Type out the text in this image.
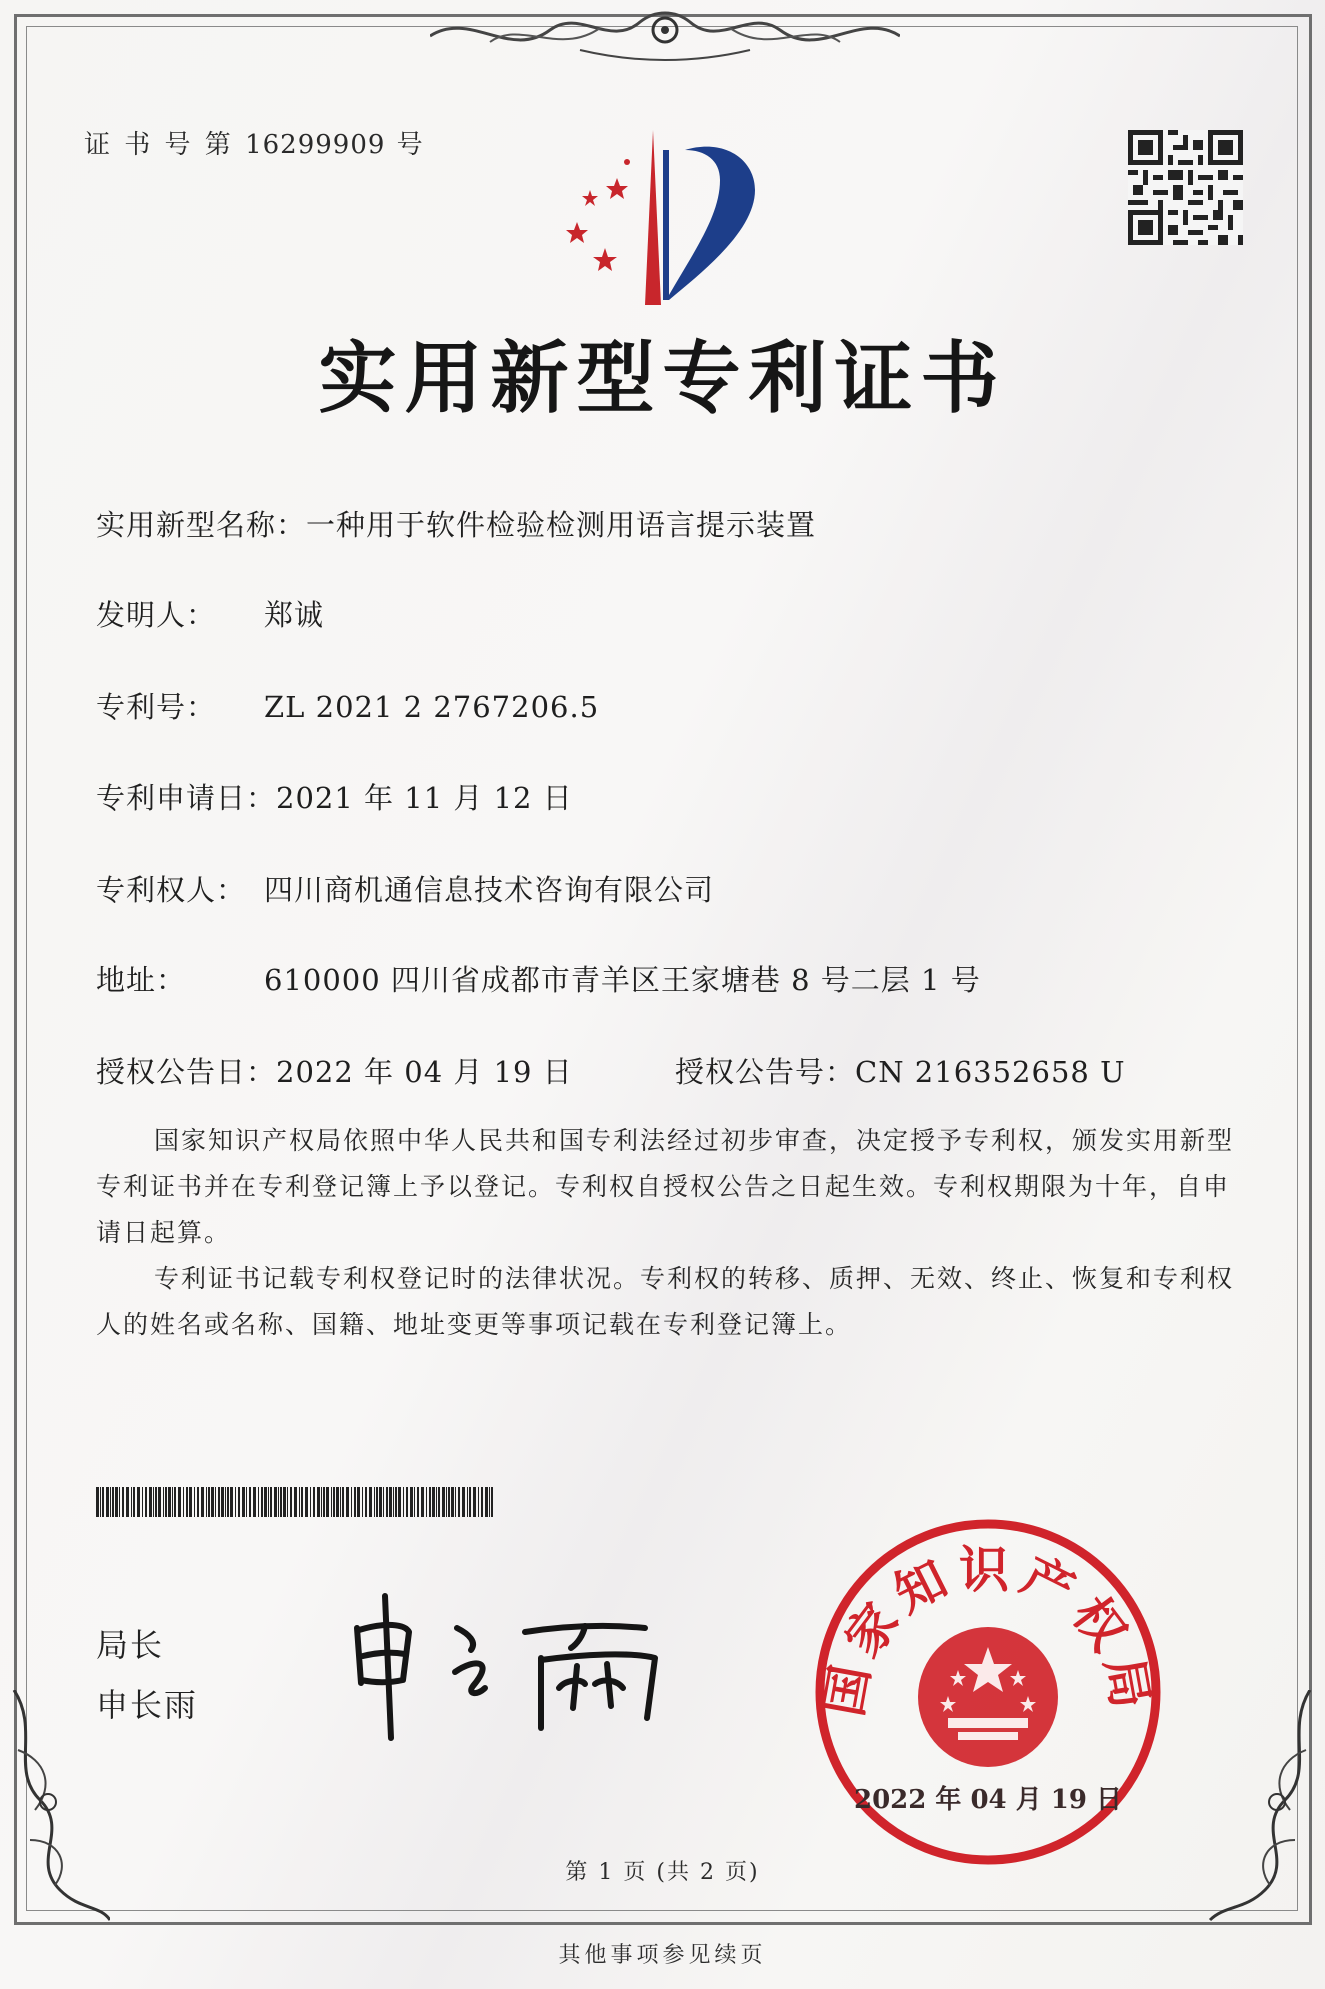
证 书 号 第 16299909 号
实用新型专利证书
实用新型名称：一种用于软件检验检测用语言提示装置
发明人： 郑诚
专利号： ZL 2021 2 2767206.5
专利申请日：2021 年 11 月 12 日
专利权人： 四川商机通信息技术咨询有限公司
地址：	610000 四川省成都市青羊区王家塘巷 8 号二层 1 号
授权公告日：2022 年 04 月 19 日	授权公告号：CN 216352658 U

国家知识产权局依照中华人民共和国专利法经过初步审查，决定授予专利权，颁发实用新型专利证书并在专利登记簿上予以登记。专利权自授权公告之日起生效。专利权期限为十年，自申请日起算。

专利证书记载专利权登记时的法律状况。专利权的转移、质押、无效、终止、恢复和专利权人的姓名或名称、国籍、地址变更等事项记载在专利登记簿上。

局长
申长雨	国家知识产权局
2022 年 04 月 19 日
第 1 页 (共 2 页)
其他事项参见续页
